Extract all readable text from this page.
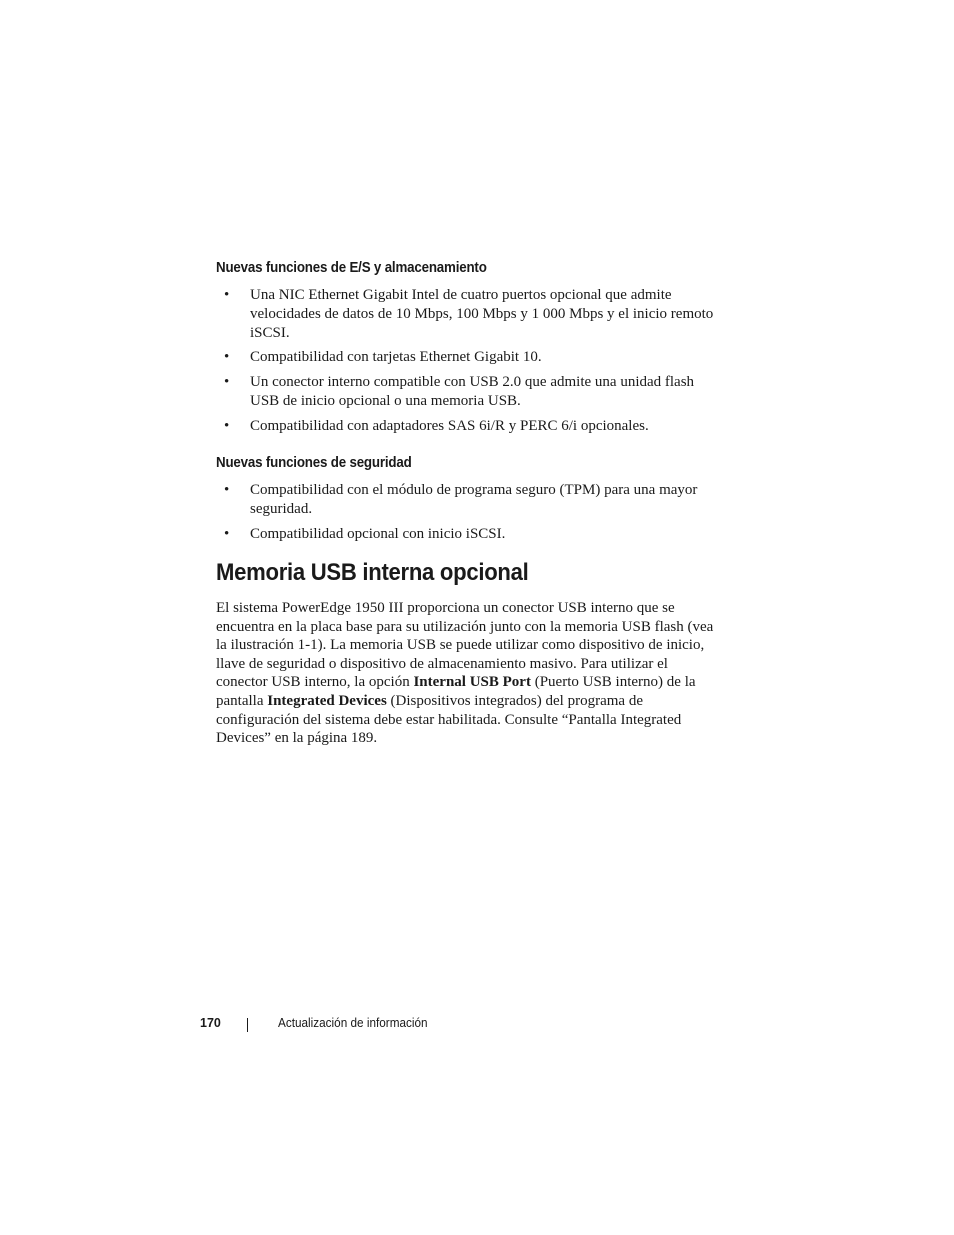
Nuevas funciones de E/S y almacenamiento
• Una NIC Ethernet Gigabit Intel de cuatro puertos opcional que admite velocidades de datos de 10 Mbps, 100 Mbps y 1 000 Mbps y el inicio remoto iSCSI.
• Compatibilidad con tarjetas Ethernet Gigabit 10.
• Un conector interno compatible con USB 2.0 que admite una unidad flash USB de inicio opcional o una memoria USB.
• Compatibilidad con adaptadores SAS 6i/R y PERC 6/i opcionales.
Nuevas funciones de seguridad
• Compatibilidad con el módulo de programa seguro (TPM) para una mayor seguridad.
• Compatibilidad opcional con inicio iSCSI.
Memoria USB interna opcional

El sistema PowerEdge 1950 III proporciona un conector USB interno que se encuentra en la placa base para su utilización junto con la memoria USB flash (vea la ilustración 1-1). La memoria USB se puede utilizar como dispositivo de inicio, llave de seguridad o dispositivo de almacenamiento masivo. Para utilizar el conector USB interno, la opción Internal USB Port (Puerto USB interno) de la pantalla Integrated Devices (Dispositivos integrados) del programa de configuración del sistema debe estar habilitada. Consulte “Pantalla Integrated Devices” en la página 189.

170	Actualización de información
